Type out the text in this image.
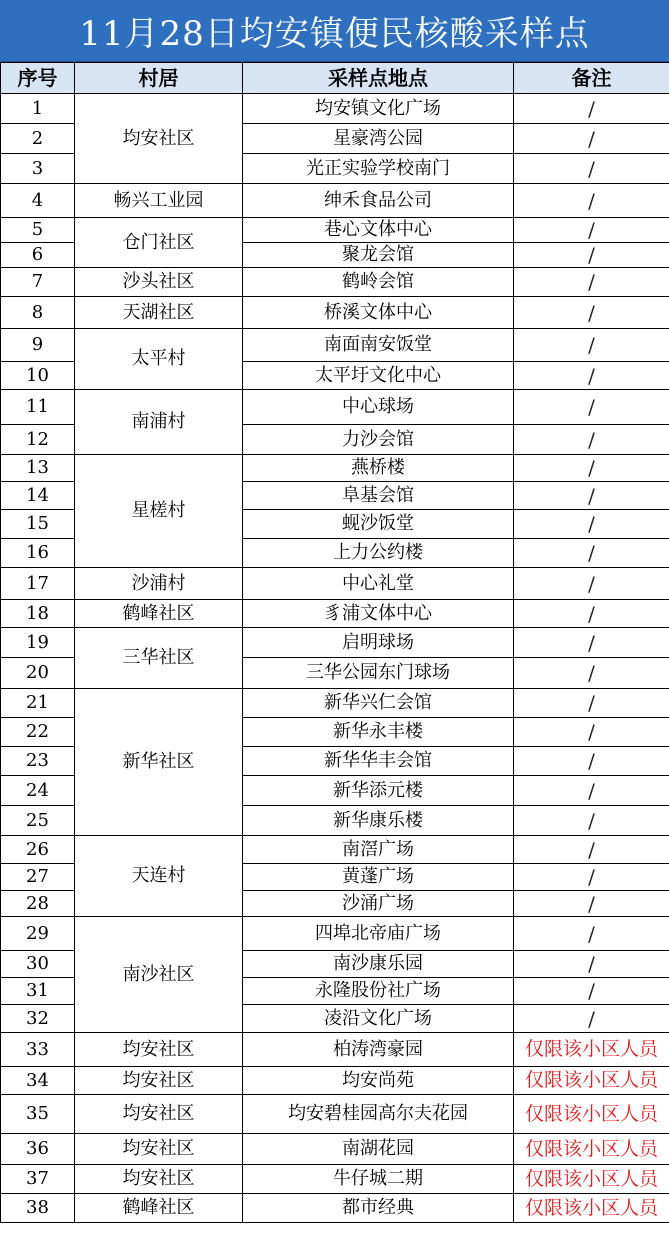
11月28日均安镇便民核酸采样点
序号	村居	采样点地点	备注
1	均安社区	均安镇文化广场	/
2		星豪湾公园	/
3		光正实验学校南门	/
4	畅兴工业园	绅禾食品公司	/
5	仓门社区	巷心文体中心	/
6		聚龙会馆	/
7	沙头社区	鹤岭会馆	/
8	天湖社区	桥溪文体中心	/
9	太平村	南面南安饭堂	/
10		太平圩文化中心	/
11	南浦村	中心球场	/
12		力沙会馆	/
13	星槎村	燕桥楼	/
14		阜基会馆	/
15		蚬沙饭堂	/
16		上力公约楼	/
17	沙浦村	中心礼堂	/
18	鹤峰社区	豸浦文体中心	/
19	三华社区	启明球场	/
20		三华公园东门球场	/
21	新华社区	新华兴仁会馆	/
22		新华永丰楼	/
23		新华华丰会馆	/
24		新华添元楼	/
25		新华康乐楼	/
26	天连村	南滘广场	/
27		黄蓬广场	/
28		沙涌广场	/
29	南沙社区	四埠北帝庙广场	/
30		南沙康乐园	/
31		永隆股份社广场	/
32		凌沿文化广场	/
33	均安社区	柏涛湾豪园	仅限该小区人员
34	均安社区	均安尚苑	仅限该小区人员
35	均安社区	均安碧桂园高尔夫花园	仅限该小区人员
36	均安社区	南湖花园	仅限该小区人员
37	均安社区	牛仔城二期	仅限该小区人员
38	鹤峰社区	都市经典	仅限该小区人员
